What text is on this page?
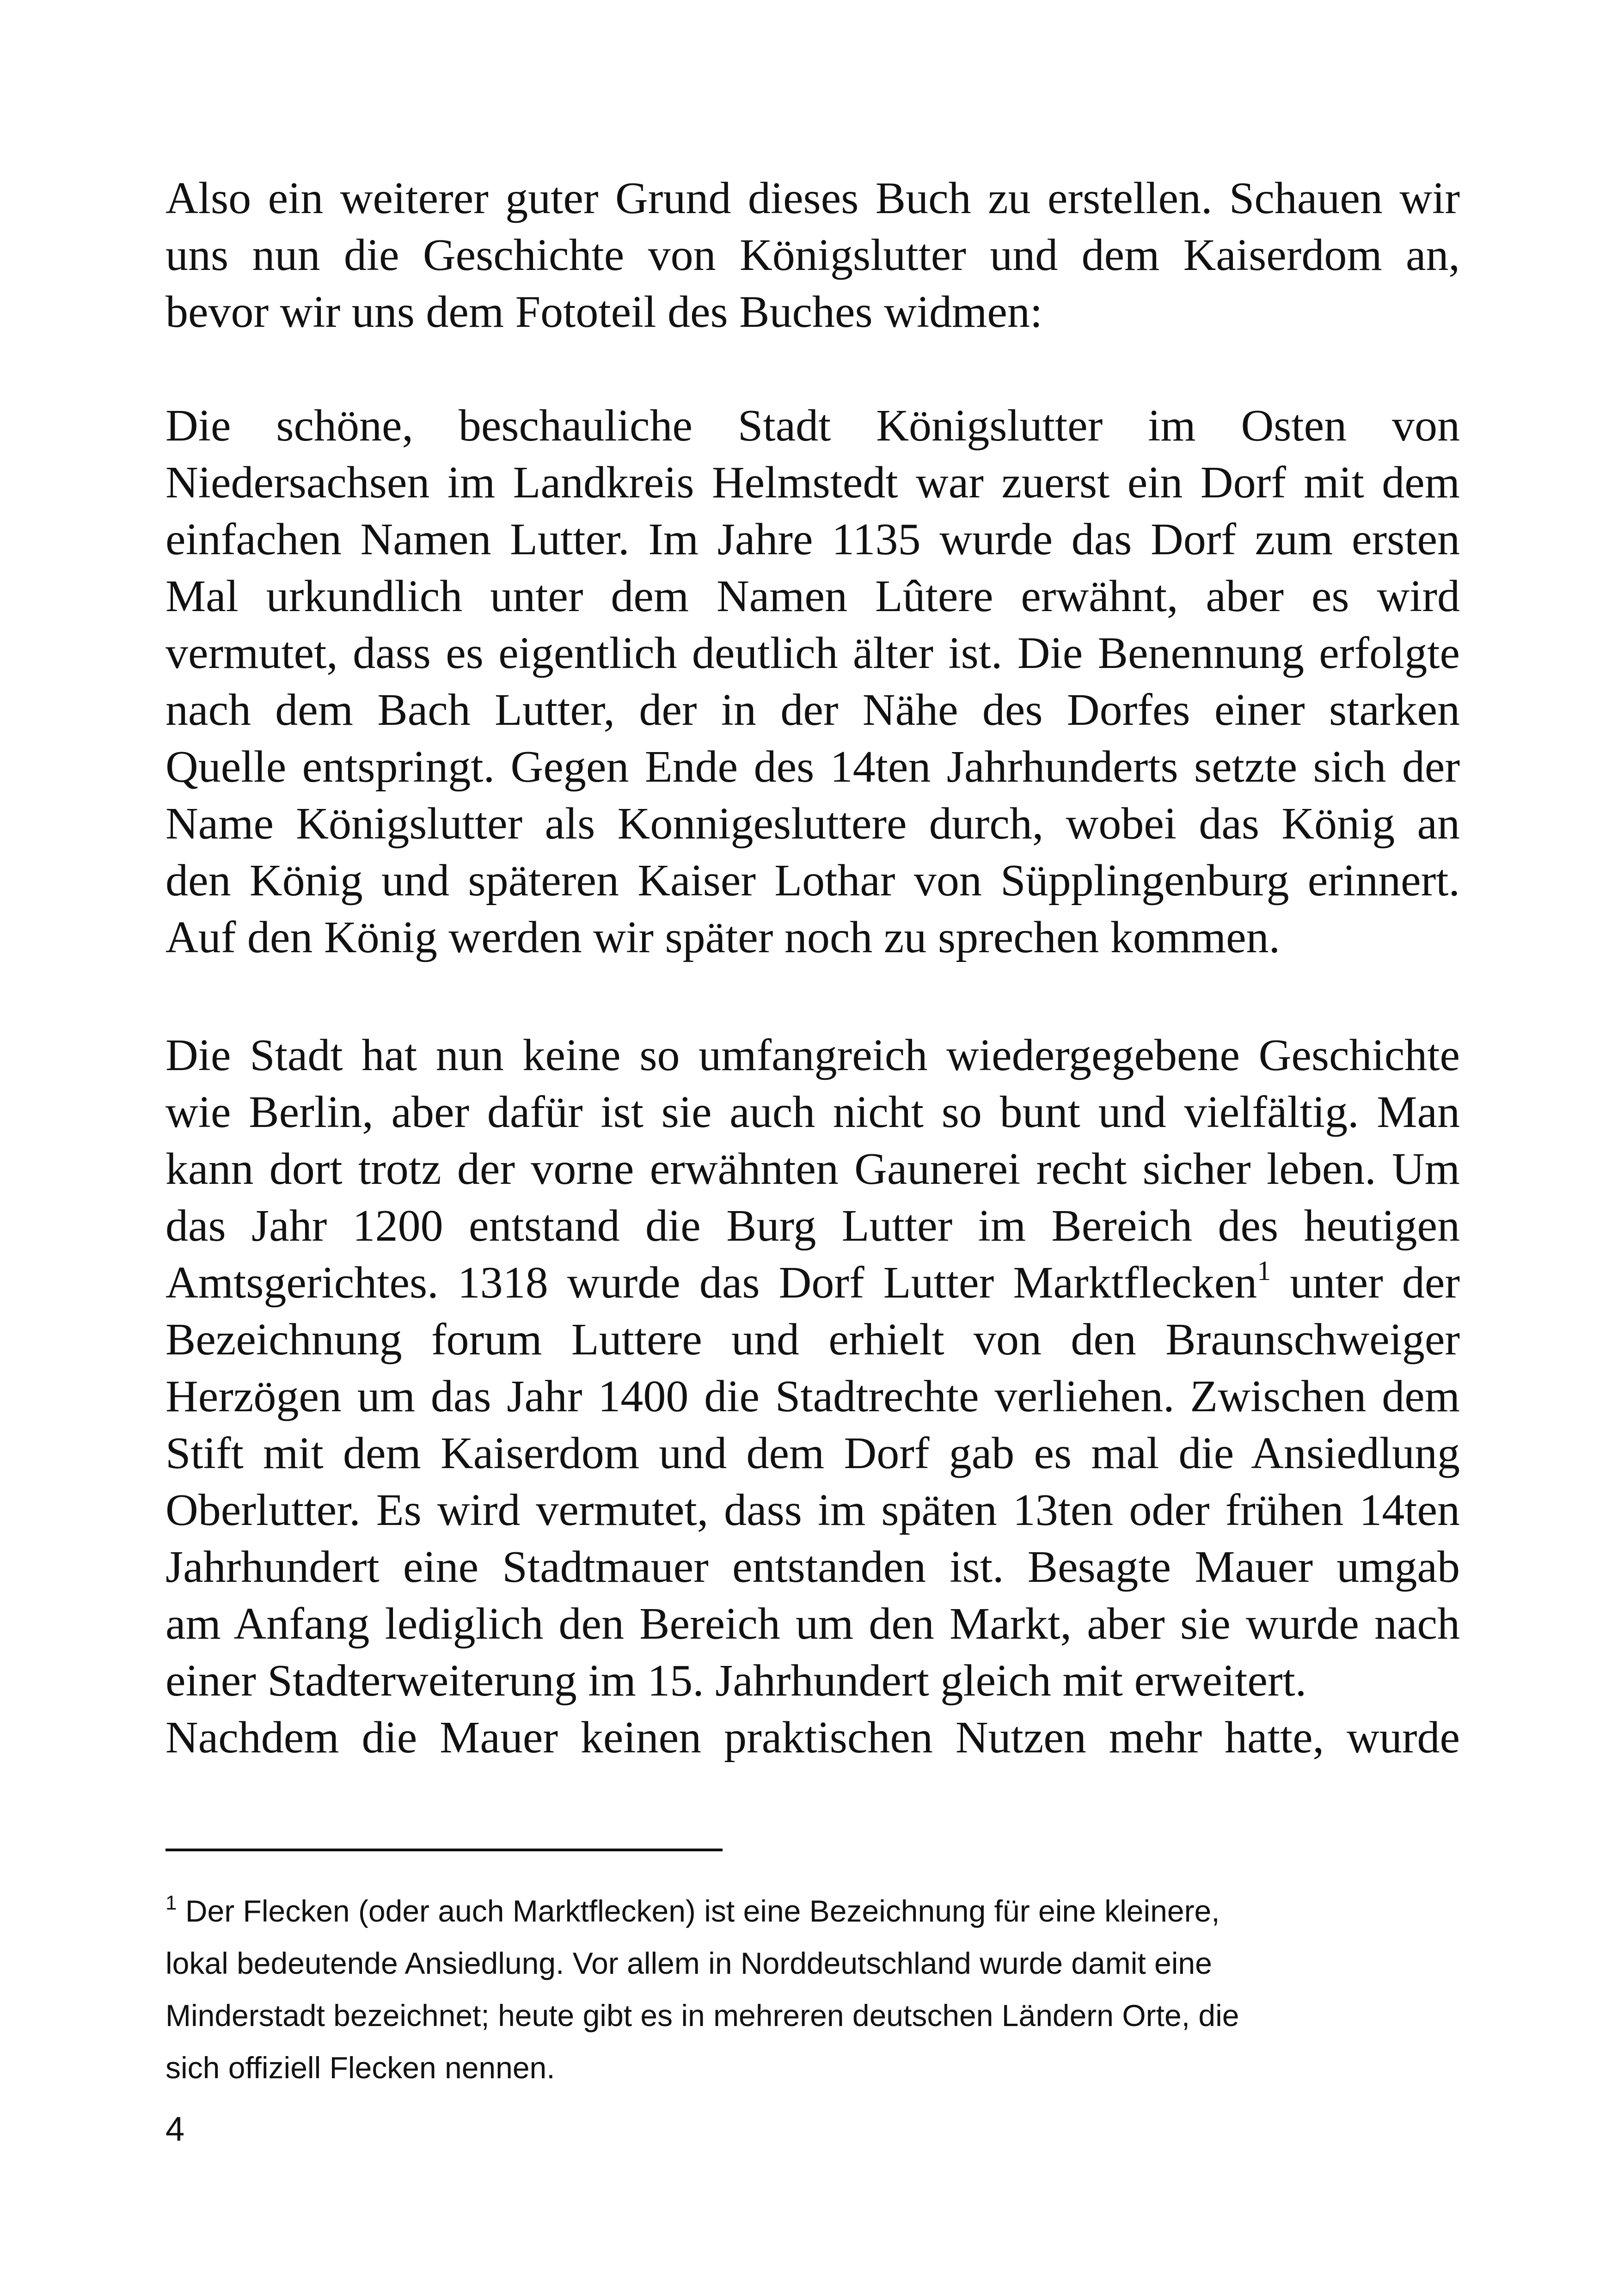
Also ein weiterer guter Grund dieses Buch zu erstellen. Schauen wir
uns nun die Geschichte von Königslutter und dem Kaiserdom an,
bevor wir uns dem Fototeil des Buches widmen:
Die schöne, beschauliche Stadt Königslutter im Osten von
Niedersachsen im Landkreis Helmstedt war zuerst ein Dorf mit dem
einfachen Namen Lutter. Im Jahre 1135 wurde das Dorf zum ersten
Mal urkundlich unter dem Namen Lûtere erwähnt, aber es wird
vermutet, dass es eigentlich deutlich älter ist. Die Benennung erfolgte
nach dem Bach Lutter, der in der Nähe des Dorfes einer starken
Quelle entspringt. Gegen Ende des 14ten Jahrhunderts setzte sich der
Name Königslutter als Konnigesluttere durch, wobei das König an
den König und späteren Kaiser Lothar von Süpplingenburg erinnert.
Auf den König werden wir später noch zu sprechen kommen.
Die Stadt hat nun keine so umfangreich wiedergegebene Geschichte
wie Berlin, aber dafür ist sie auch nicht so bunt und vielfältig. Man
kann dort trotz der vorne erwähnten Gaunerei recht sicher leben. Um
das Jahr 1200 entstand die Burg Lutter im Bereich des heutigen
Amtsgerichtes. 1318 wurde das Dorf Lutter Marktflecken$^1$ unter der
Bezeichnung forum Luttere und erhielt von den Braunschweiger
Herzögen um das Jahr 1400 die Stadtrechte verliehen. Zwischen dem
Stift mit dem Kaiserdom und dem Dorf gab es mal die Ansiedlung
Oberlutter. Es wird vermutet, dass im späten 13ten oder frühen 14ten
Jahrhundert eine Stadtmauer entstanden ist. Besagte Mauer umgab
am Anfang lediglich den Bereich um den Markt, aber sie wurde nach
einer Stadterweiterung im 15. Jahrhundert gleich mit erweitert.
Nachdem die Mauer keinen praktischen Nutzen mehr hatte, wurde
$^1$ Der Flecken (oder auch Marktflecken) ist eine Bezeichnung für eine kleinere,
lokal bedeutende Ansiedlung. Vor allem in Norddeutschland wurde damit eine
Minderstadt bezeichnet; heute gibt es in mehreren deutschen Ländern Orte, die
sich offiziell Flecken nennen.
4
